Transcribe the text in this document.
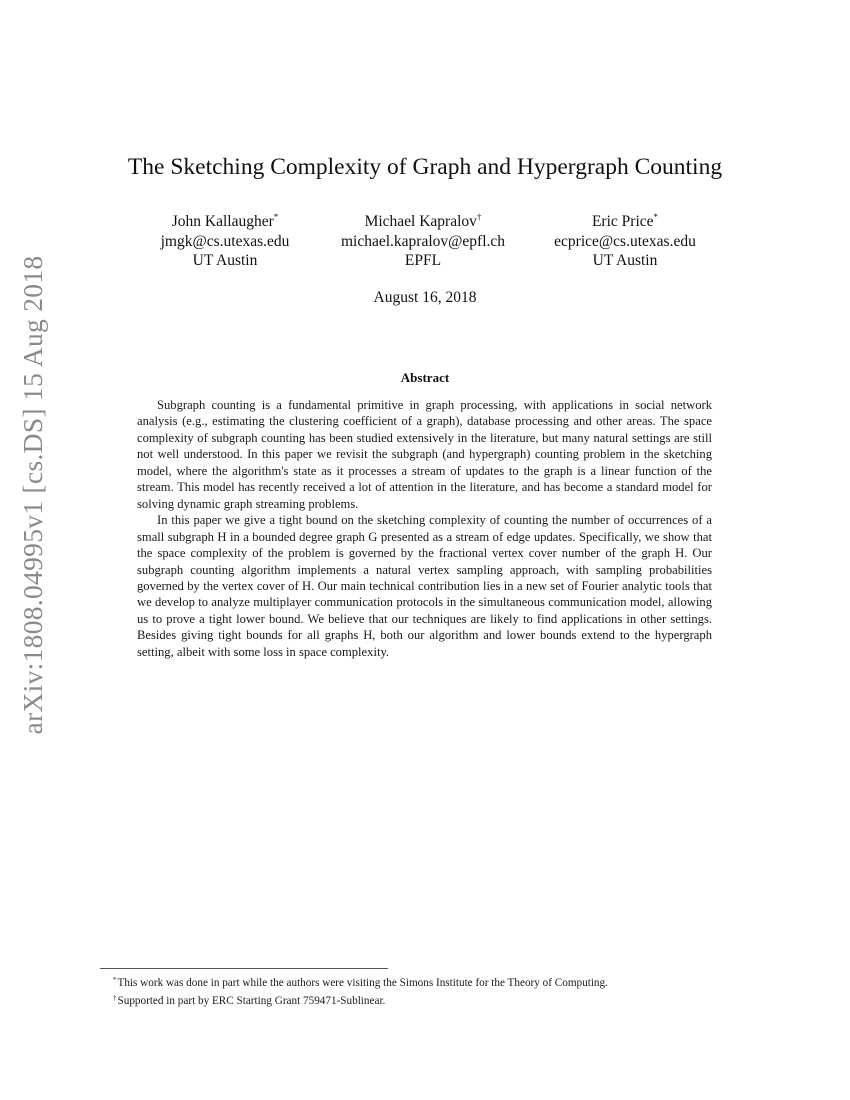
arXiv:1808.04995v1 [cs.DS] 15 Aug 2018
The Sketching Complexity of Graph and Hypergraph Counting
John Kallaugher*
jmgk@cs.utexas.edu
UT Austin
Michael Kapralov†
michael.kapralov@epfl.ch
EPFL
Eric Price*
ecprice@cs.utexas.edu
UT Austin
August 16, 2018
Abstract

Subgraph counting is a fundamental primitive in graph processing, with applications in social network analysis (e.g., estimating the clustering coefficient of a graph), database processing and other areas. The space complexity of subgraph counting has been studied extensively in the literature, but many natural settings are still not well understood. In this paper we revisit the subgraph (and hypergraph) counting problem in the sketching model, where the algorithm's state as it processes a stream of updates to the graph is a linear function of the stream. This model has recently received a lot of attention in the literature, and has become a standard model for solving dynamic graph streaming problems.

In this paper we give a tight bound on the sketching complexity of counting the number of occurrences of a small subgraph H in a bounded degree graph G presented as a stream of edge updates. Specifically, we show that the space complexity of the problem is governed by the fractional vertex cover number of the graph H. Our subgraph counting algorithm implements a natural vertex sampling approach, with sampling probabilities governed by the vertex cover of H. Our main technical contribution lies in a new set of Fourier analytic tools that we develop to analyze multiplayer communication protocols in the simultaneous communication model, allowing us to prove a tight lower bound. We believe that our techniques are likely to find applications in other settings. Besides giving tight bounds for all graphs H, both our algorithm and lower bounds extend to the hypergraph setting, albeit with some loss in space complexity.

*This work was done in part while the authors were visiting the Simons Institute for the Theory of Computing.
†Supported in part by ERC Starting Grant 759471-Sublinear.
